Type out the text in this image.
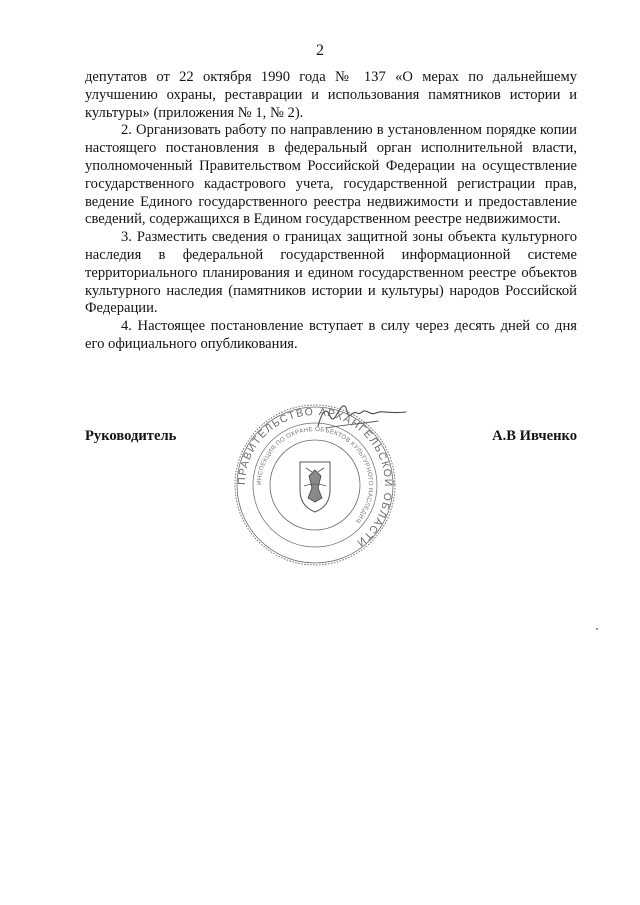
2

депутатов от 22 октября 1990 года № 137 «О мерах по дальнейшему улучшению охраны, реставрации и использования памятников истории и культуры» (приложения № 1, № 2).

2. Организовать работу по направлению в установленном порядке копии настоящего постановления в федеральный орган исполнительной власти, уполномоченный Правительством Российской Федерации на осуществление государственного кадастрового учета, государственной регистрации прав, ведение Единого государственного реестра недвижимости и предоставление сведений, содержащихся в Едином государственном реестре недвижимости.

3. Разместить сведения о границах защитной зоны объекта культурного наследия в федеральной государственной информационной системе территориального планирования и едином государственном реестре объектов культурного наследия (памятников истории и культуры) народов Российской Федерации.

4. Настоящее постановление вступает в силу через десять дней со дня его официального опубликования.

ПРАВИТЕЛЬСТВО АРХАНГЕЛЬСКОЙ ОБЛАСТИ
ИНСПЕКЦИЯ ПО ОХРАНЕ ОБЪЕКТОВ КУЛЬТУРНОГО НАСЛЕДИЯ
Руководитель	А.В Ивченко
